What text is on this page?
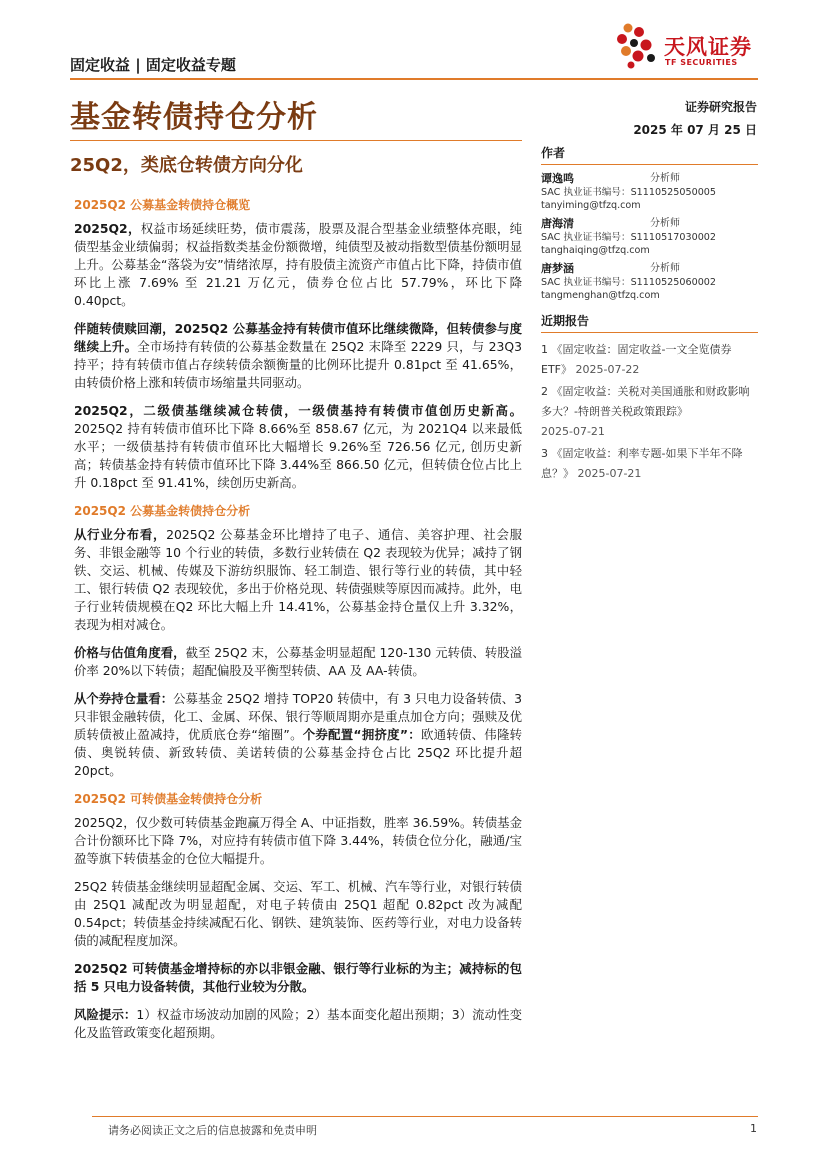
固定收益 | 固定收益专题
天风证券
TF SECURITIES
基金转债持仓分析	证券研究报告
2025 年 07 月 25 日
25Q2，类底仓转债方向分化
2025Q2 公募基金转债持仓概览

2025Q2，权益市场延续旺势，债市震荡，股票及混合型基金业绩整体亮眼，纯债型基金业绩偏弱；权益指数类基金份额微增，纯债型及被动指数型债基份额明显上升。公募基金“落袋为安”情绪浓厚，持有股债主流资产市值占比下降，持债市值环比上涨 7.69% 至 21.21 万亿元，债券仓位占比 57.79%，环比下降 0.40pct。

伴随转债赎回潮，2025Q2 公募基金持有转债市值环比继续微降，但转债参与度继续上升。全市场持有转债的公募基金数量在 25Q2 末降至 2229 只，与 23Q3 持平；持有转债市值占存续转债余额衡量的比例环比提升 0.81pct 至 41.65%，由转债价格上涨和转债市场缩量共同驱动。

2025Q2，二级债基继续减仓转债，一级债基持有转债市值创历史新高。2025Q2 持有转债市值环比下降 8.66%至 858.67 亿元，为 2021Q4 以来最低水平；一级债基持有转债市值环比大幅增长 9.26%至 726.56 亿元, 创历史新高；转债基金持有转债市值环比下降 3.44%至 866.50 亿元，但转债仓位占比上升 0.18pct 至 91.41%，续创历史新高。

2025Q2 公募基金转债持仓分析

从行业分布看，2025Q2 公募基金环比增持了电子、通信、美容护理、社会服务、非银金融等 10 个行业的转债，多数行业转债在 Q2 表现较为优异；减持了钢铁、交运、机械、传媒及下游纺织服饰、轻工制造、银行等行业的转债，其中轻工、银行转债 Q2 表现较优，多出于价格兑现、转债强赎等原因而减持。此外，电子行业转债规模在Q2 环比大幅上升 14.41%，公募基金持仓量仅上升 3.32%，表现为相对减仓。

价格与估值角度看，截至 25Q2 末，公募基金明显超配 120-130 元转债、转股溢价率 20%以下转债；超配偏股及平衡型转债、AA 及 AA-转债。

从个券持仓量看：公募基金 25Q2 增持 TOP20 转债中，有 3 只电力设备转债、3 只非银金融转债，化工、金属、环保、银行等顺周期亦是重点加仓方向；强赎及优质转债被止盈减持，优质底仓券“缩圈”。个券配置“拥挤度”：欧通转债、伟隆转债、奥锐转债、新致转债、美诺转债的公募基金持仓占比 25Q2 环比提升超 20pct。

2025Q2 可转债基金转债持仓分析

2025Q2，仅少数可转债基金跑赢万得全 A、中证指数，胜率 36.59%。转债基金合计份额环比下降 7%，对应持有转债市值下降 3.44%，转债仓位分化，融通/宝盈等旗下转债基金的仓位大幅提升。

25Q2 转债基金继续明显超配金属、交运、军工、机械、汽车等行业，对银行转债由 25Q1 减配改为明显超配，对电子转债由 25Q1 超配 0.82pct 改为减配 0.54pct；转债基金持续减配石化、钢铁、建筑装饰、医药等行业，对电力设备转债的减配程度加深。

2025Q2 可转债基金增持标的亦以非银金融、银行等行业标的为主；减持标的包括 5 只电力设备转债，其他行业较为分散。

风险提示：1）权益市场波动加剧的风险；2）基本面变化超出预期；3）流动性变化及监管政策变化超预期。

作者
谭逸鸣	分析师
SAC 执业证书编号：S1110525050005
tanyiming@tfzq.com
唐海清	分析师
SAC 执业证书编号：S1110517030002
tanghaiqing@tfzq.com
唐梦涵	分析师
SAC 执业证书编号：S1110525060002
tangmenghan@tfzq.com
近期报告
1 《固定收益：固定收益-一文全览债券 ETF》 2025-07-22
2 《固定收益：关税对美国通胀和财政影响多大？-特朗普关税政策跟踪》
2025-07-21
3 《固定收益：利率专题-如果下半年不降息？》 2025-07-21
请务必阅读正文之后的信息披露和免责申明	1
